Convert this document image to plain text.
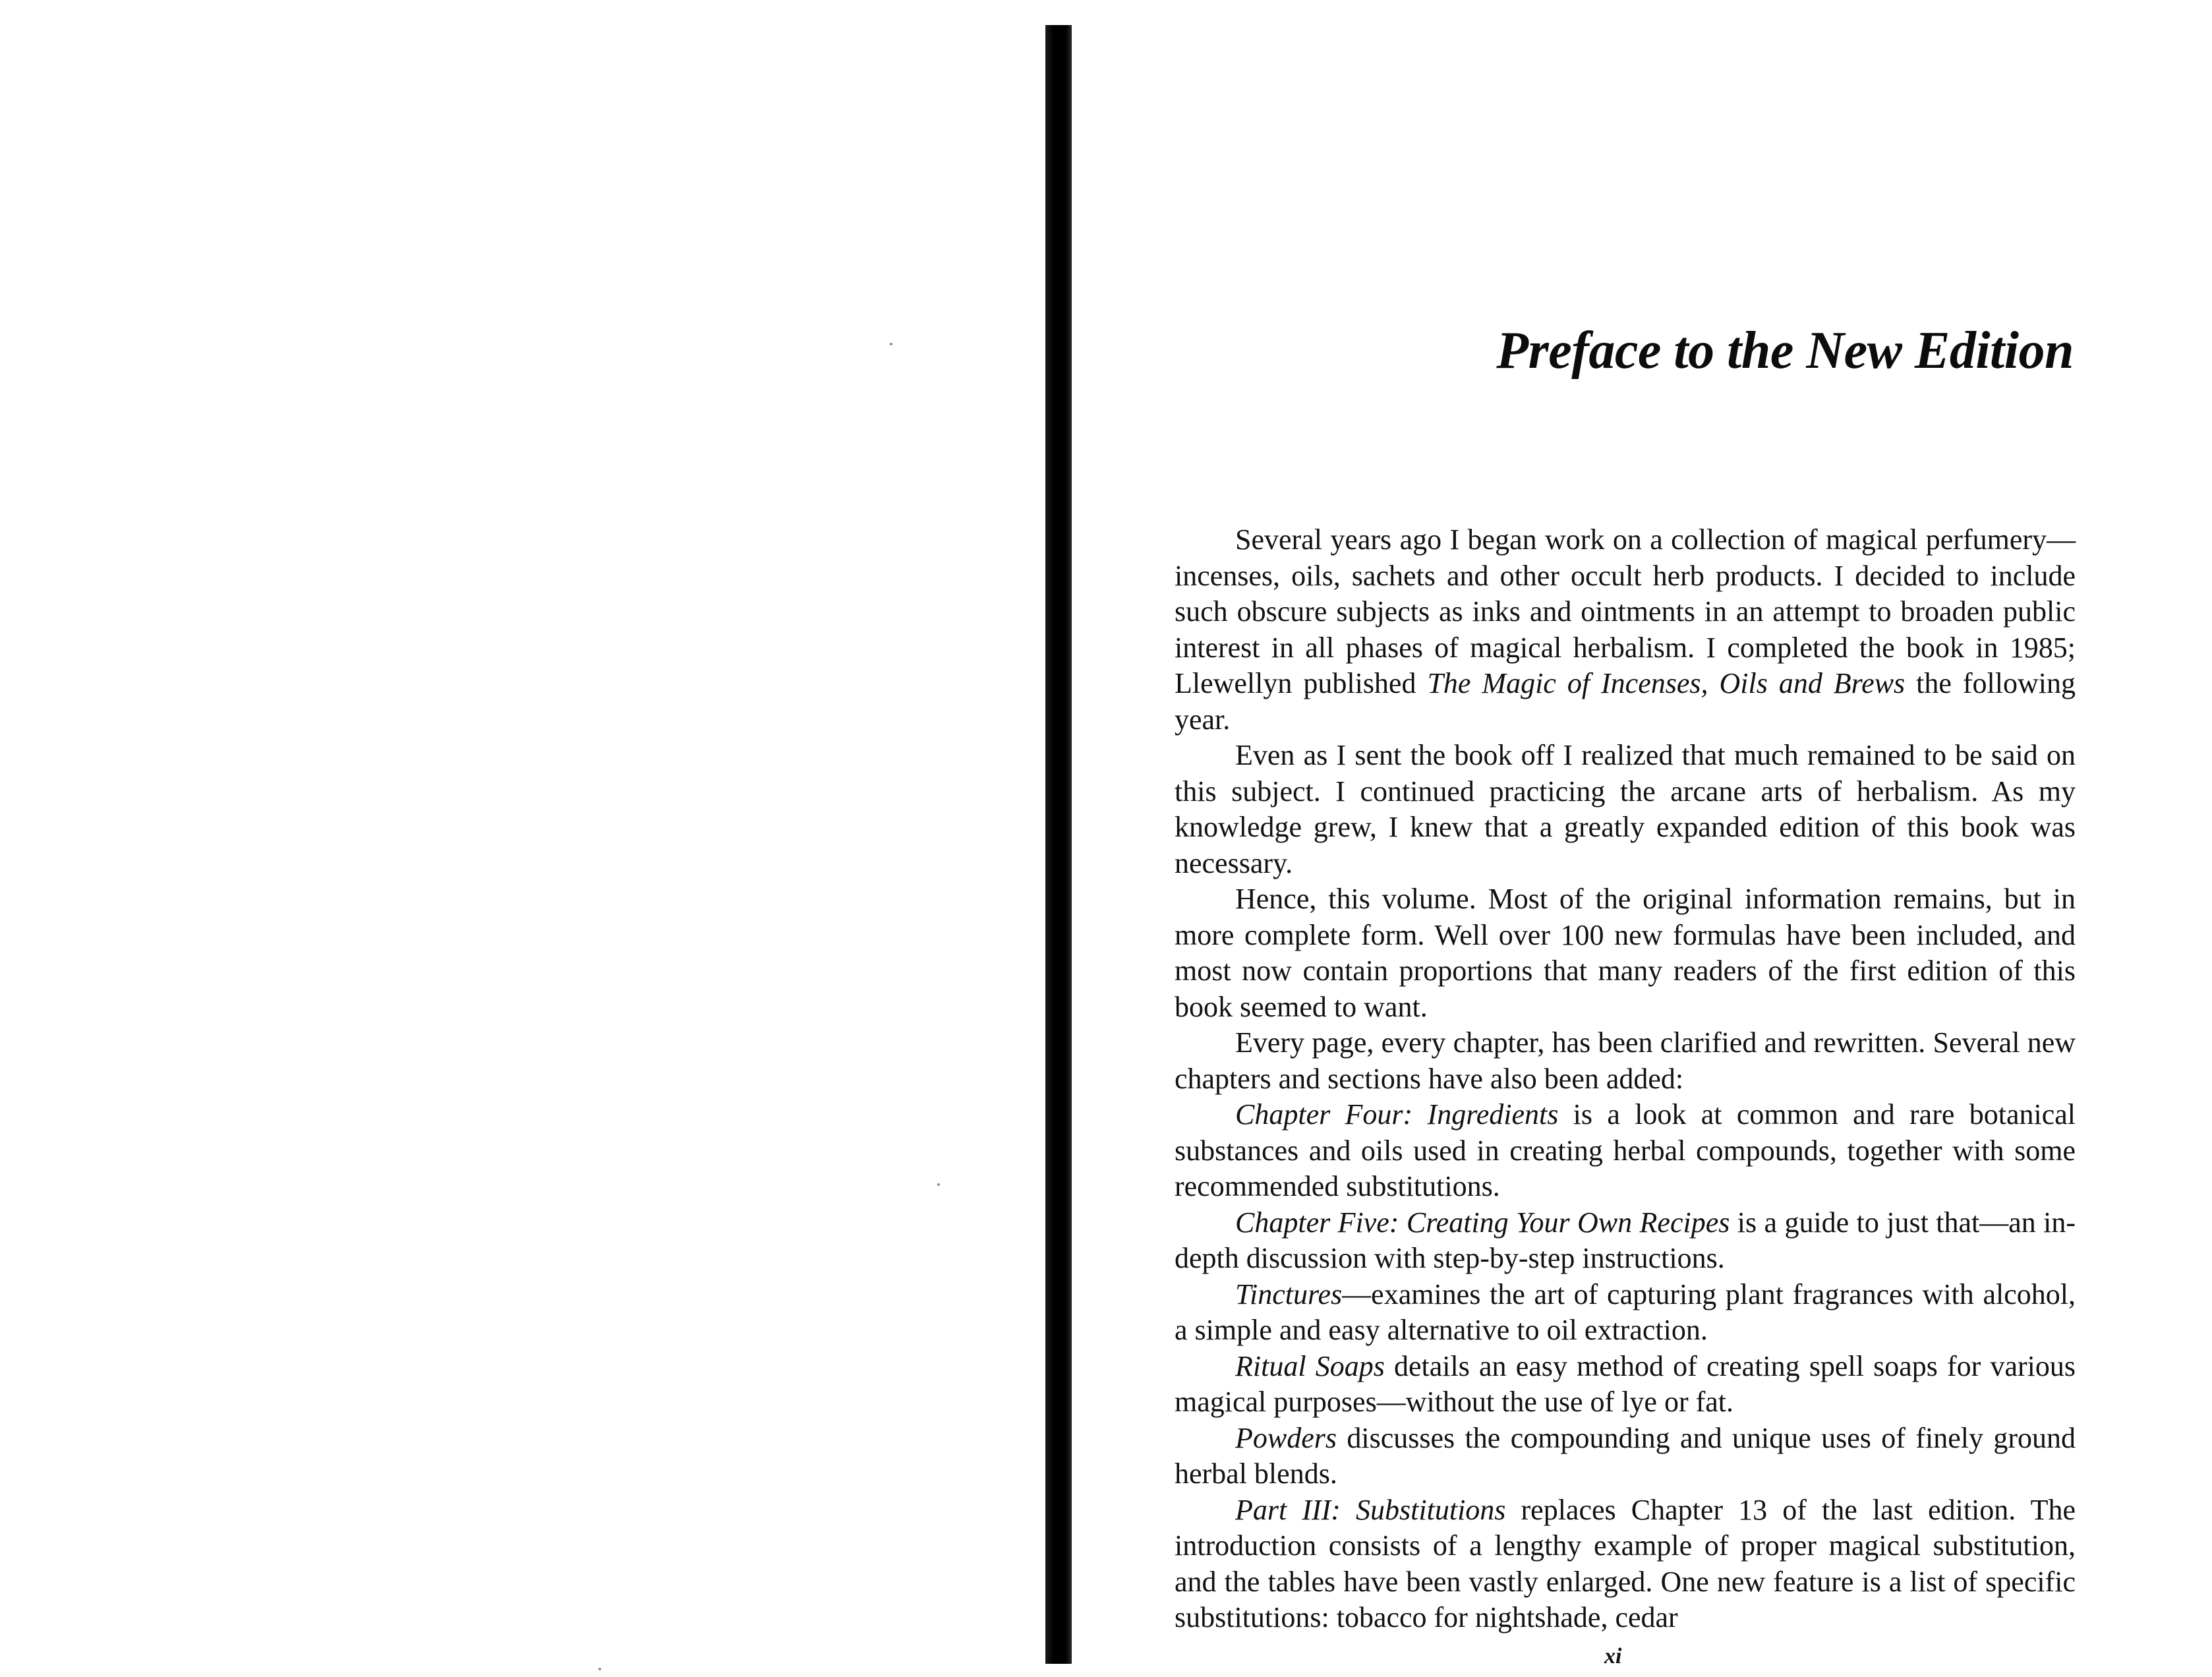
Preface to the New Edition

Several years ago I began work on a collection of magical perfumery—incenses, oils, sachets and other occult herb products. I decided to include such obscure subjects as inks and ointments in an attempt to broaden public interest in all phases of magical herbalism. I completed the book in 1985; Llewellyn published The Magic of Incenses, Oils and Brews the following year.

Even as I sent the book off I realized that much remained to be said on this subject. I continued practicing the arcane arts of herbalism. As my knowledge grew, I knew that a greatly expanded edition of this book was necessary.

Hence, this volume. Most of the original information remains, but in more complete form. Well over 100 new formulas have been included, and most now contain proportions that many readers of the first edition of this book seemed to want.

Every page, every chapter, has been clarified and rewritten. Several new chapters and sections have also been added:

Chapter Four: Ingredients is a look at common and rare botanical substances and oils used in creating herbal compounds, together with some recommended substitutions.

Chapter Five: Creating Your Own Recipes is a guide to just that—an in-depth discussion with step-by-step instructions.

Tinctures—examines the art of capturing plant fragrances with alcohol, a simple and easy alternative to oil extraction.

Ritual Soaps details an easy method of creating spell soaps for various magical purposes—without the use of lye or fat.

Powders discusses the compounding and unique uses of finely ground herbal blends.

Part III: Substitutions replaces Chapter 13 of the last edition. The introduction consists of a lengthy example of proper magical substitution, and the tables have been vastly enlarged. One new feature is a list of specific substitutions: tobacco for nightshade, cedar

xi
